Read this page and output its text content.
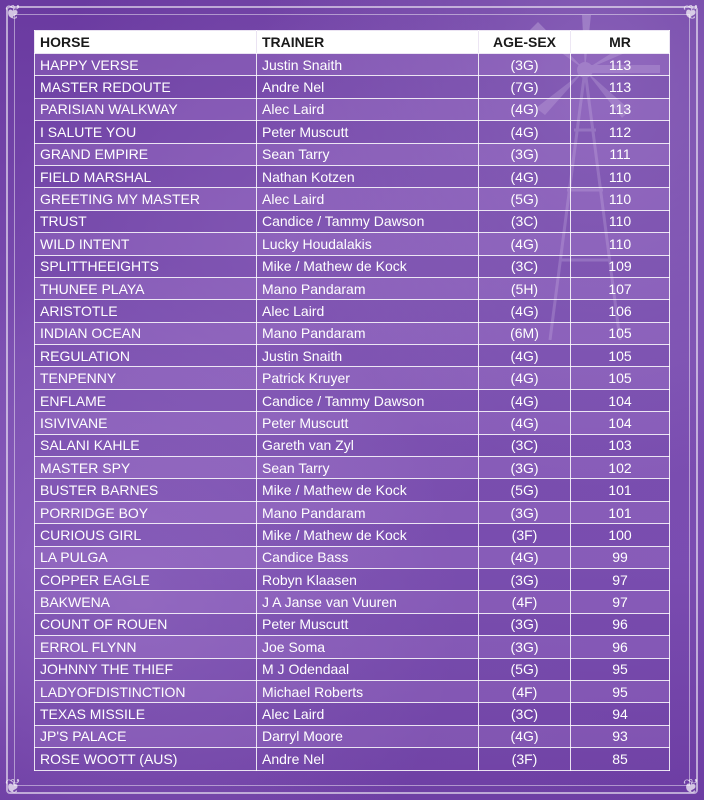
❦	❦
❦	❦
HORSE	TRAINER	AGE-SEX	MR
HAPPY VERSE	Justin Snaith	(3G)	113
MASTER REDOUTE	Andre Nel	(7G)	113
PARISIAN WALKWAY	Alec Laird	(4G)	113
I SALUTE YOU	Peter Muscutt	(4G)	112
GRAND EMPIRE	Sean Tarry	(3G)	111
FIELD MARSHAL	Nathan Kotzen	(4G)	110
GREETING MY MASTER	Alec Laird	(5G)	110
TRUST	Candice / Tammy Dawson	(3C)	110
WILD INTENT	Lucky Houdalakis	(4G)	110
SPLITTHEEIGHTS	Mike / Mathew de Kock	(3C)	109
THUNEE PLAYA	Mano Pandaram	(5H)	107
ARISTOTLE	Alec Laird	(4G)	106
INDIAN OCEAN	Mano Pandaram	(6M)	105
REGULATION	Justin Snaith	(4G)	105
TENPENNY	Patrick Kruyer	(4G)	105
ENFLAME	Candice / Tammy Dawson	(4G)	104
ISIVIVANE	Peter Muscutt	(4G)	104
SALANI KAHLE	Gareth van Zyl	(3C)	103
MASTER SPY	Sean Tarry	(3G)	102
BUSTER BARNES	Mike / Mathew de Kock	(5G)	101
PORRIDGE BOY	Mano Pandaram	(3G)	101
CURIOUS GIRL	Mike / Mathew de Kock	(3F)	100
LA PULGA	Candice Bass	(4G)	99
COPPER EAGLE	Robyn Klaasen	(3G)	97
BAKWENA	J A Janse van Vuuren	(4F)	97
COUNT OF ROUEN	Peter Muscutt	(3G)	96
ERROL FLYNN	Joe Soma	(3G)	96
JOHNNY THE THIEF	M J Odendaal	(5G)	95
LADYOFDISTINCTION	Michael Roberts	(4F)	95
TEXAS MISSILE	Alec Laird	(3C)	94
JP'S PALACE	Darryl Moore	(4G)	93
ROSE WOOTT (AUS)	Andre Nel	(3F)	85
